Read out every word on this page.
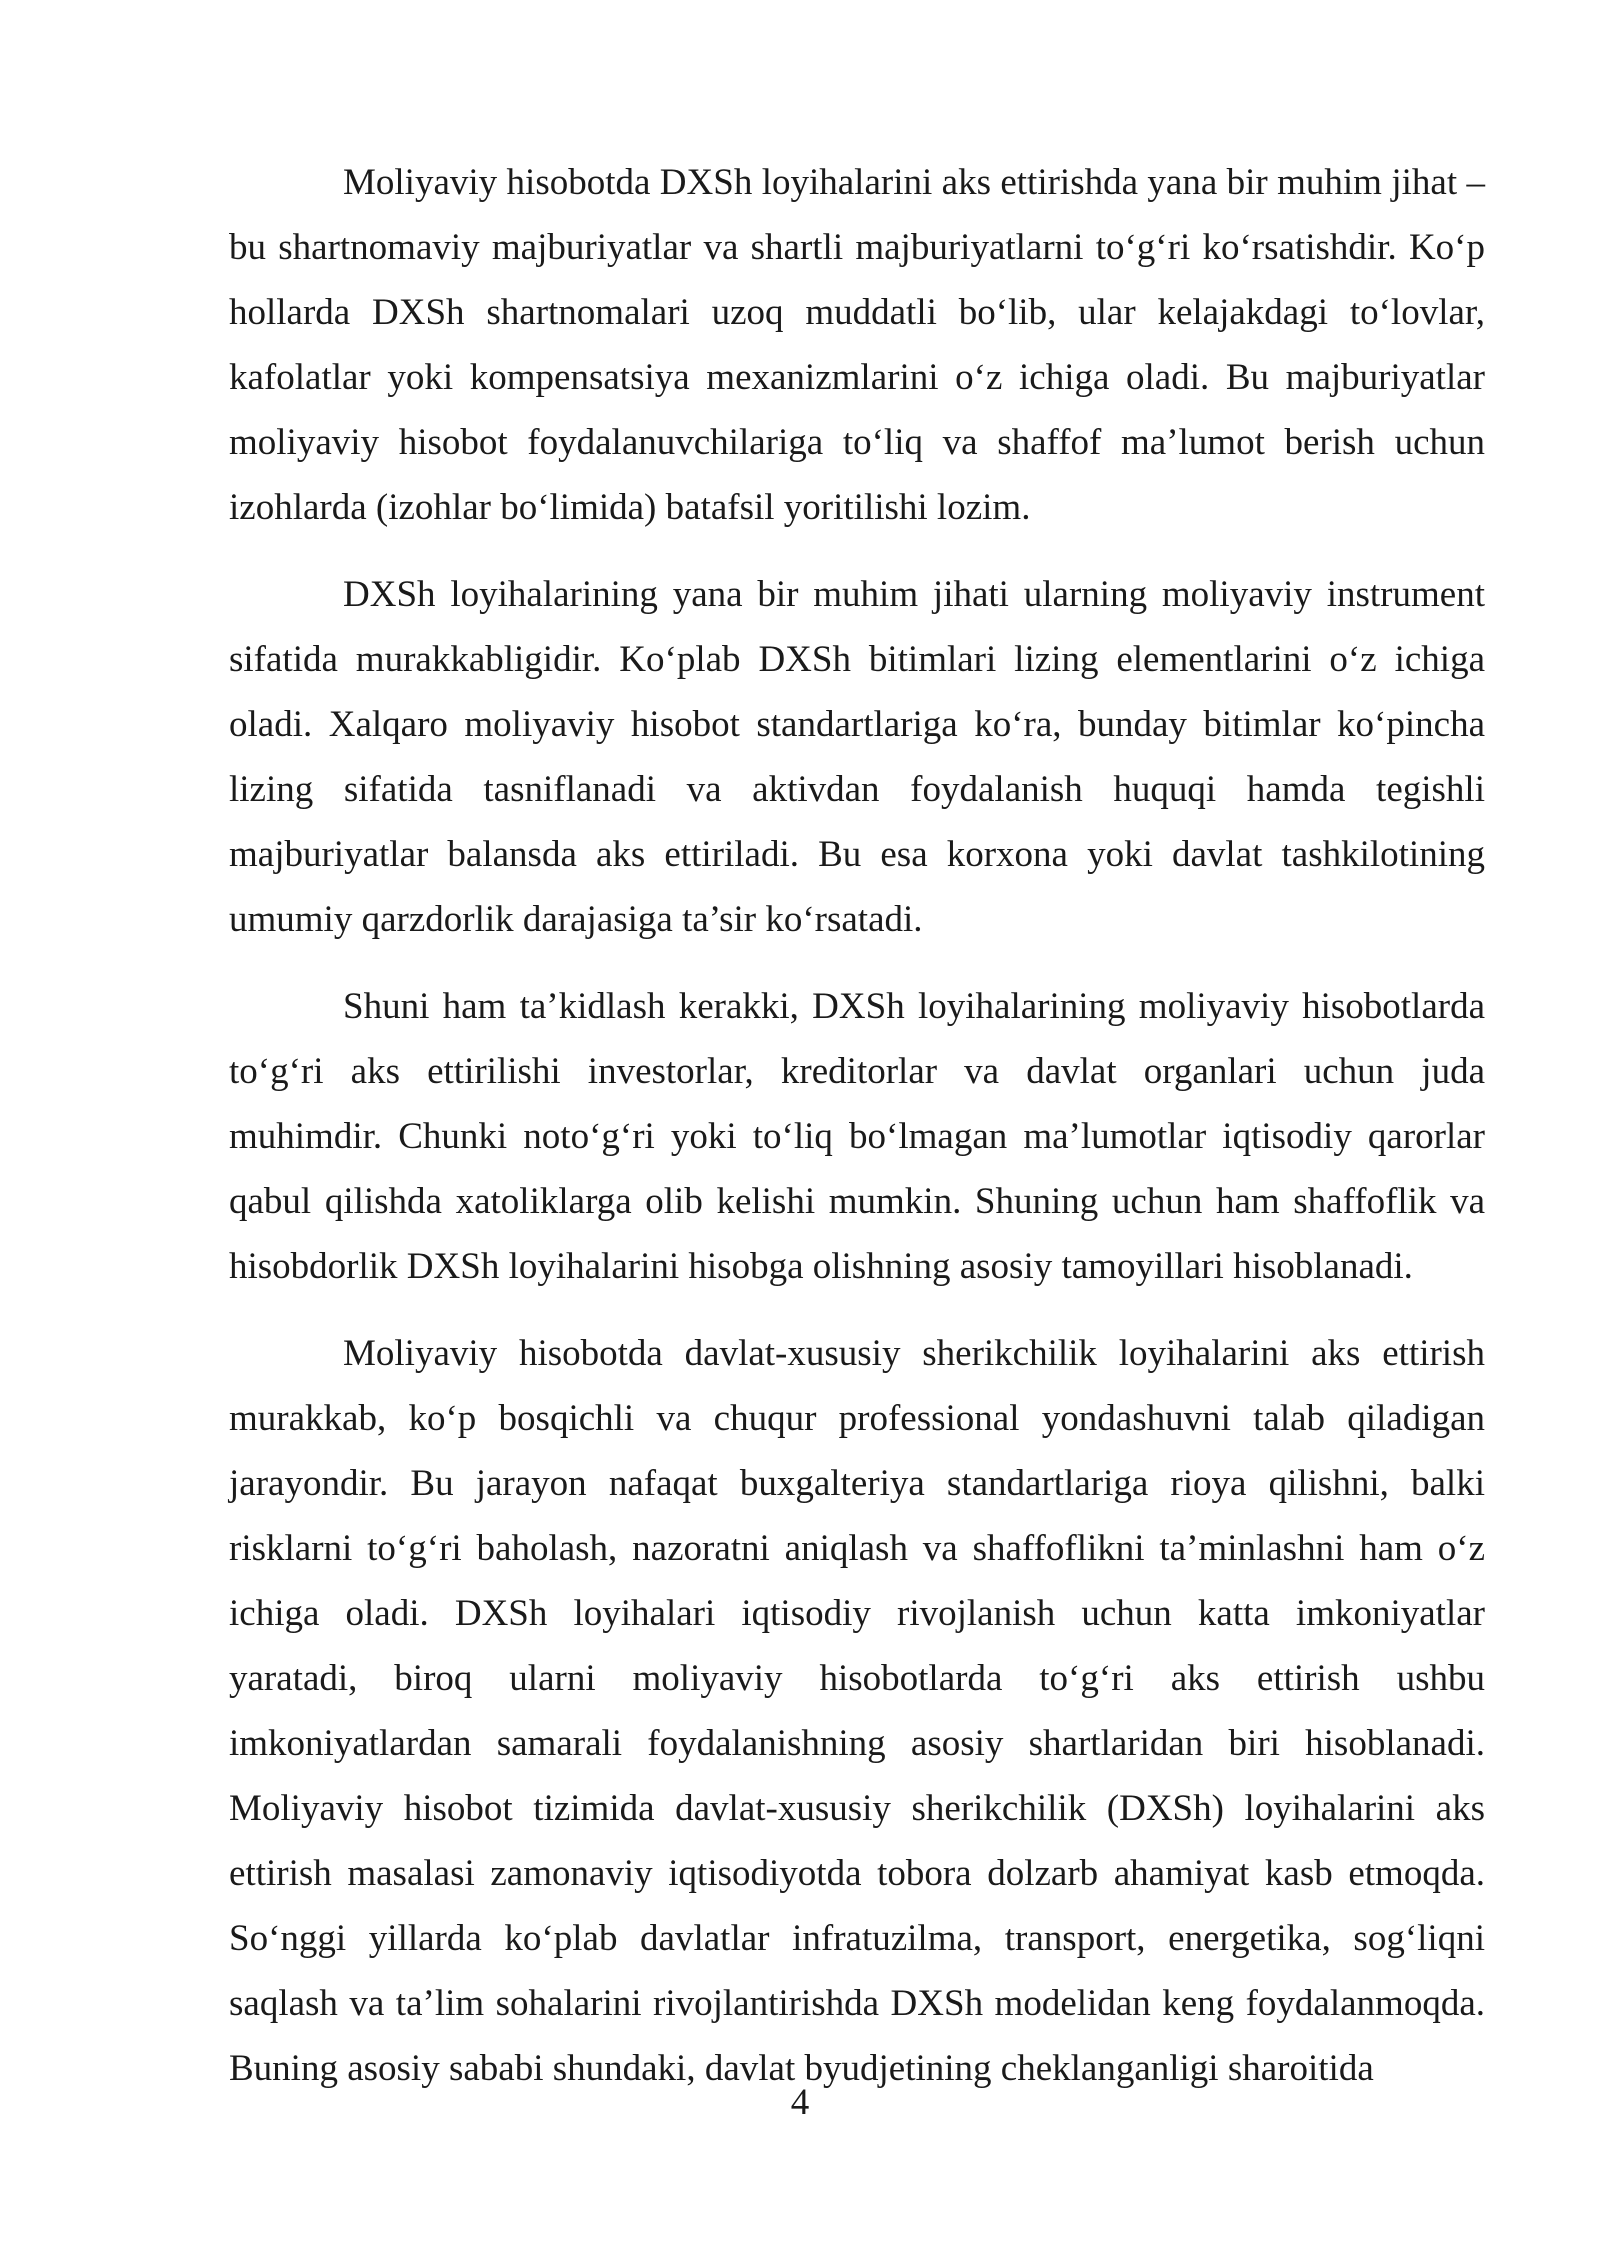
Moliyaviy hisobotda DXSh loyihalarini aks ettirishda yana bir muhim jihat – bu shartnomaviy majburiyatlar va shartli majburiyatlarni to‘g‘ri ko‘rsatishdir. Ko‘p hollarda DXSh shartnomalari uzoq muddatli bo‘lib, ular kelajakdagi to‘lovlar, kafolatlar yoki kompensatsiya mexanizmlarini o‘z ichiga oladi. Bu majburiyatlar moliyaviy hisobot foydalanuvchilariga to‘liq va shaffof ma’lumot berish uchun izohlarda (izohlar bo‘limida) batafsil yoritilishi lozim.

DXSh loyihalarining yana bir muhim jihati ularning moliyaviy instrument sifatida murakkabligidir. Ko‘plab DXSh bitimlari lizing elementlarini o‘z ichiga oladi. Xalqaro moliyaviy hisobot standartlariga ko‘ra, bunday bitimlar ko‘pincha lizing sifatida tasniflanadi va aktivdan foydalanish huquqi hamda tegishli majburiyatlar balansda aks ettiriladi. Bu esa korxona yoki davlat tashkilotining umumiy qarzdorlik darajasiga ta’sir ko‘rsatadi.

Shuni ham ta’kidlash kerakki, DXSh loyihalarining moliyaviy hisobotlarda to‘g‘ri aks ettirilishi investorlar, kreditorlar va davlat organlari uchun juda muhimdir. Chunki noto‘g‘ri yoki to‘liq bo‘lmagan ma’lumotlar iqtisodiy qarorlar qabul qilishda xatoliklarga olib kelishi mumkin. Shuning uchun ham shaffoflik va hisobdorlik DXSh loyihalarini hisobga olishning asosiy tamoyillari hisoblanadi.

Moliyaviy hisobotda davlat-xususiy sherikchilik loyihalarini aks ettirish murakkab, ko‘p bosqichli va chuqur professional yondashuvni talab qiladigan jarayondir. Bu jarayon nafaqat buxgalteriya standartlariga rioya qilishni, balki risklarni to‘g‘ri baholash, nazoratni aniqlash va shaffoflikni ta’minlashni ham o‘z ichiga oladi. DXSh loyihalari iqtisodiy rivojlanish uchun katta imkoniyatlar yaratadi, biroq ularni moliyaviy hisobotlarda to‘g‘ri aks ettirish ushbu imkoniyatlardan samarali foydalanishning asosiy shartlaridan biri hisoblanadi. Moliyaviy hisobot tizimida davlat-xususiy sherikchilik (DXSh) loyihalarini aks ettirish masalasi zamonaviy iqtisodiyotda tobora dolzarb ahamiyat kasb etmoqda. So‘nggi yillarda ko‘plab davlatlar infratuzilma, transport, energetika, sog‘liqni saqlash va ta’lim sohalarini rivojlantirishda DXSh modelidan keng foydalanmoqda. Buning asosiy sababi shundaki, davlat byudjetining cheklanganligi sharoitida

4
